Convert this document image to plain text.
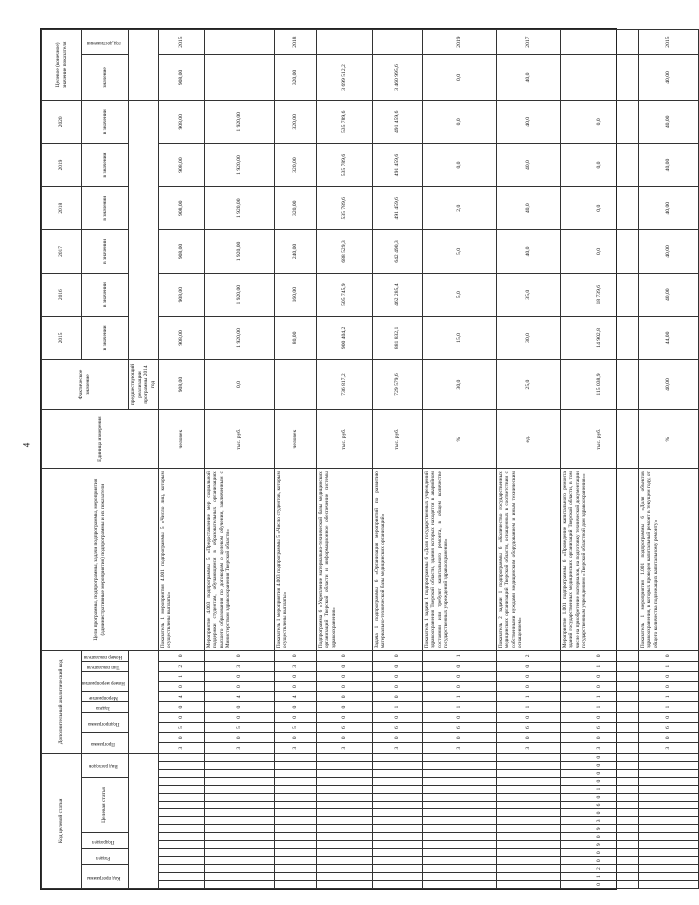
4
Код целевой статьи																	Дополнительный аналитический код										Цели программы, подпрограммы, задачи подпрограммы, мероприятия (административные мероприятия) подпрограммы и их показатели	Единица измерения	Фактическое значение	2015	2016	2017	2018	2019	2020	Целевое (конечное) значение показателя	
Код программы			Раздел		Подраздел		Целевая статья							Вид расходов			Программа		Подпрограмма		Задача	Мероприятие	Номер мероприятия		Тип показателя	Номер показателя				в значении	в значении	в значении	в значении	в значении	в значении	значение	год достижения
																													предшествующий реализации программы 2014 год								
																	3	0	5	0	0	4	0	1	2	0	Показатель 1 мероприятия 4.001 подпрограммы 5 «Число лиц, которым осуществлены выплаты»	человек	908,00	908,00	908,00	908,00	908,00	908,00	908,00	908,00	2015
																	3	0	5	0	0	4	0	0	3	0	Мероприятие 4.003 подпрограммы 5 «Предоставление мер социальной поддержки студентам, обучающимся в образовательных организациях высшего образования по договорам о целевом обучении, заключенным с Министерством здравоохранения Тверской области»	тыс. руб.	0,0	1 920,00	1 920,00	1 920,00	1 920,00	1 920,00	1 920,00		
																	3	0	5	0	0	4	0	0	3	0	Показатель 1 мероприятия 4.003 подпрограммы 5 «Число студентов, которым осуществлены выплаты»	человек		80,00	160,00	240,00	320,00	320,00	320,00	320,00	2018
																	3	0	6	0	0	0	0	0	0	0	Подпрограмма 6 «Укрепление материально-технической базы медицинских организаций Тверской области и информационное обеспечение системы здравоохранения»	тыс. руб.	736 817,2	900 404,2	505 745,9	688 529,3	535 789,6	535 789,6	535 789,6	3 699 512,2	
																	3	0	6	0	1	0	0	0	0	0	Задача 1 подпрограммы 6 «Организация мероприятий по развитию материально-технической базы медицинских организаций»	тыс. руб.	729 579,6	881 832,1	462 285,4	642 490,3	491 459,6	491 459,6	491 459,6	3 460 995,6	
																	3	0	6	0	1	1	0	0	0	1	Показатель 1 задачи 1 подпрограммы 6 «Доля государственных учреждений здравоохранения Тверской области, здания которых находятся в аварийном состоянии или требуют капитального ремонта, в общем количестве государственных учреждений здравоохранения»	%	30,0	15,0	5,0	5,0	2,0	0,0	0,0	0,0	2019
																	3	0	6	0	1	1	0	0	0	2	Показатель 2 задачи 1 подпрограммы 6 «Количество государственных медицинских организаций Тверской области, оснащенных в соответствии с собственными нуждами медицинским оборудованием и иным техническим оснащением»	ед.	25,0	30,0	35,0	40,0	40,0	40,0	40,0	40,0	2017
0	1	2	0	0	9	0	9	3	0	6	0	1	0	0	0	0	3	0	6	0	1	1	0	0	1	0	Мероприятие 1.001 подпрограммы 6 «Проведение капитального ремонта зданий государственных медицинских организаций Тверской области, в том числе на приобретение материалов, на подготовку технической документации государственным учреждением «Тверской областной дом здравоохранения»»	тыс. руб.	115 038,9	14 902,8	18 739,6	0,0	0,0	0,0	0,0		
																	3	0	6	0	1	1	0	0	1	0	Показатель 1 мероприятия 1.001 подпрограммы 6 «Доля объектов здравоохранения, в которых проведен капитальный ремонт в текущем году, от общего количества подлежащих капитальному ремонту»	%	40,00	44,00	40,00	40,00	40,00	40,00	40,00	40,00	2015
